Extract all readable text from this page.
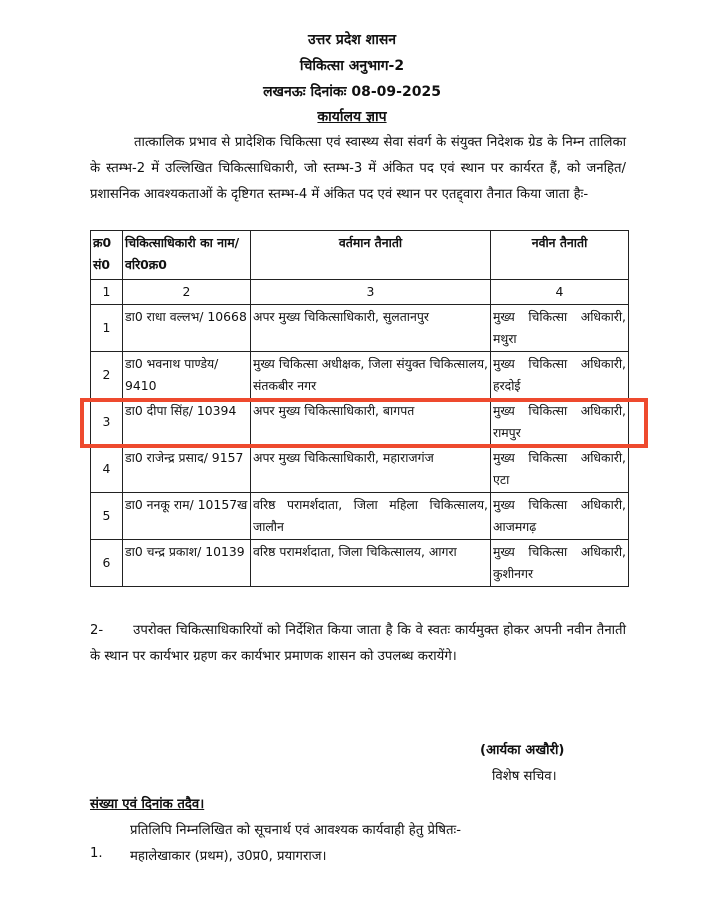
उत्तर प्रदेश शासन
चिकित्सा अनुभाग-2
लखनऊः दिनांकः 08-09-2025
कार्यालय ज्ञाप
तात्कालिक प्रभाव से प्रादेशिक चिकित्सा एवं स्वास्थ्य सेवा संवर्ग के संयुक्त निदेशक ग्रेड के निम्न तालिका के स्तम्भ-2 में उल्लिखित चिकित्साधिकारी, जो स्तम्भ-3 में अंकित पद एवं स्थान पर कार्यरत हैं, को जनहित/प्रशासनिक आवश्यकताओं के दृष्टिगत स्तम्भ-4 में अंकित पद एवं स्थान पर एतद्द्वारा तैनात किया जाता हैः-
क्र0 सं0	चिकित्साधिकारी का नाम/ वरि0क्र0	वर्तमान तैनाती	नवीन तैनाती
1	2	3	4
1	डा0 राधा वल्लभ/ 10668	अपर मुख्य चिकित्साधिकारी, सुलतानपुर	मुख्य चिकित्सा अधिकारी, मथुरा
2	डा0 भवनाथ पाण्डेय/ 9410	मुख्य चिकित्सा अधीक्षक, जिला संयुक्त चिकित्सालय, संतकबीर नगर	मुख्य चिकित्सा अधिकारी, हरदोई
3	डा0 दीपा सिंह/ 10394	अपर मुख्य चिकित्साधिकारी, बागपत	मुख्य चिकित्सा अधिकारी, रामपुर
4	डा0 राजेन्द्र प्रसाद/ 9157	अपर मुख्य चिकित्साधिकारी, महाराजगंज	मुख्य चिकित्सा अधिकारी, एटा
5	डा0 ननकू राम/ 10157ख	वरिष्ठ परामर्शदाता, जिला महिला चिकित्सालय, जालौन	मुख्य चिकित्सा अधिकारी, आजमगढ़
6	डा0 चन्द्र प्रकाश/ 10139	वरिष्ठ परामर्शदाता, जिला चिकित्सालय, आगरा	मुख्य चिकित्सा अधिकारी, कुशीनगर
2- उपरोक्त चिकित्साधिकारियों को निर्देशित किया जाता है कि वे स्वतः कार्यमुक्त होकर अपनी नवीन तैनाती के स्थान पर कार्यभार ग्रहण कर कार्यभार प्रमाणक शासन को उपलब्ध करायेंगे।
(आर्यका अखौरी)
विशेष सचिव।
संख्या एवं दिनांक तदैव।
प्रतिलिपि निम्नलिखित को सूचनार्थ एवं आवश्यक कार्यवाही हेतु प्रेषितः-
1. महालेखाकार (प्रथम), उ0प्र0, प्रयागराज।
